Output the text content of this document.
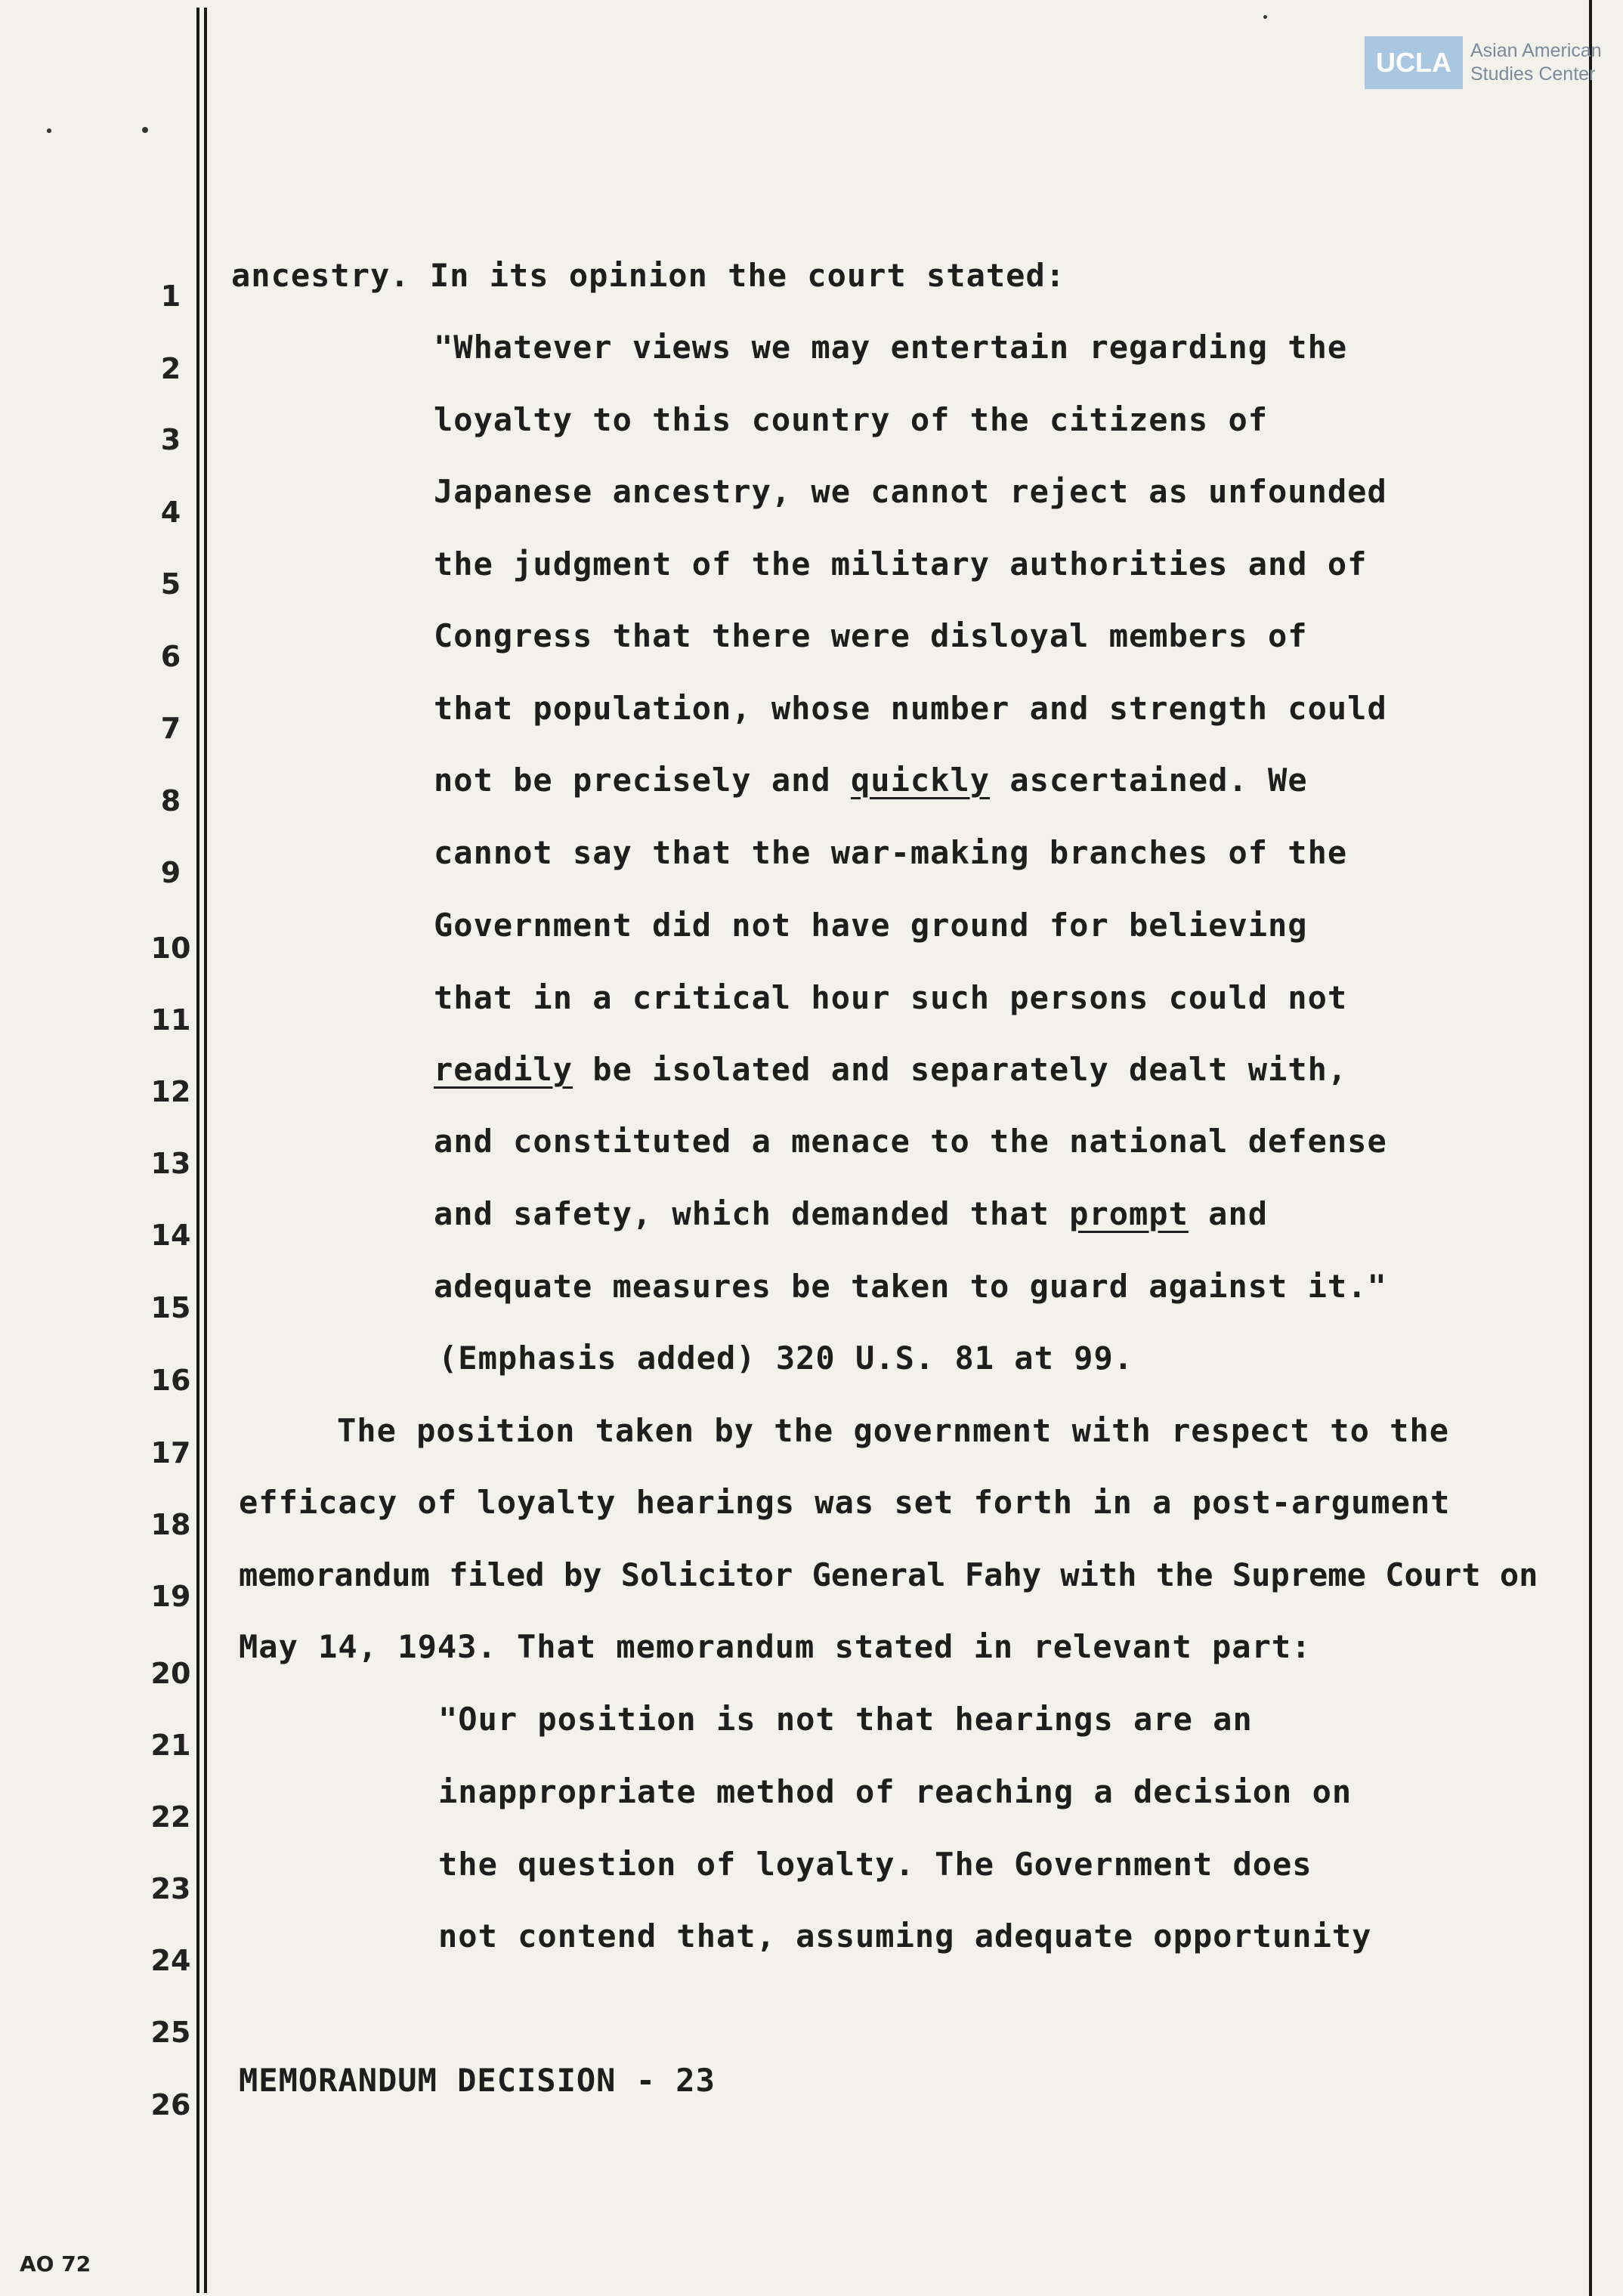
UCLA	Asian American
Studies Center
1
2
3
4
5
6
7
8
9
10
11
12
13
14
15
16
17
18
19
20
21
22
23
24
25
26
ancestry. In its opinion the court stated:
"Whatever views we may entertain regarding the
loyalty to this country of the citizens of
Japanese ancestry, we cannot reject as unfounded
the judgment of the military authorities and of
Congress that there were disloyal members of
that population, whose number and strength could
not be precisely and quickly ascertained. We
cannot say that the war-making branches of the
Government did not have ground for believing
that in a critical hour such persons could not
readily be isolated and separately dealt with,
and constituted a menace to the national defense
and safety, which demanded that prompt and
adequate measures be taken to guard against it."
(Emphasis added) 320 U.S. 81 at 99.
The position taken by the government with respect to the
efficacy of loyalty hearings was set forth in a post-argument
memorandum filed by Solicitor General Fahy with the Supreme Court on
May 14, 1943. That memorandum stated in relevant part:
"Our position is not that hearings are an
inappropriate method of reaching a decision on
the question of loyalty. The Government does
not contend that, assuming adequate opportunity
MEMORANDUM DECISION - 23
AO 72
